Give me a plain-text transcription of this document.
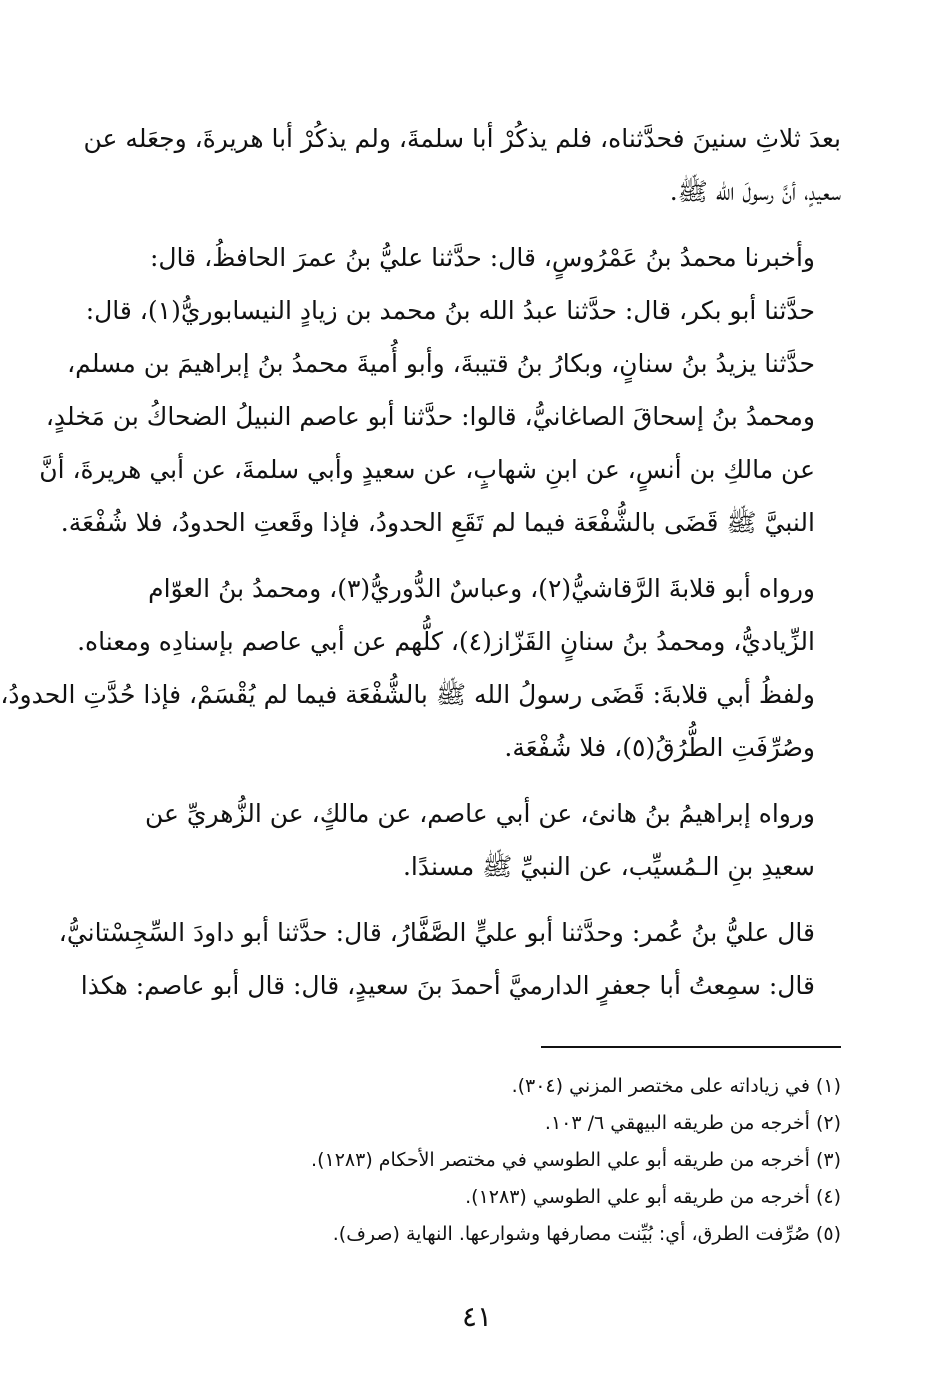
بعدَ ثلاثِ سنينَ فحدَّثناه، فلم يذكُرْ أبا سلمةَ، ولم يذكُرْ أبا هريرةَ، وجعَله عن
سعيدٍ، أنَّ رسولَ الله ﷺ.

وأخبرنا محمدُ بنُ عَمْرُوسٍ، قال: حدَّثنا عليُّ بنُ عمرَ الحافظُ، قال:
حدَّثنا أبو بكر، قال: حدَّثنا عبدُ الله بنُ محمد بن زيادٍ النيسابوريُّ(١)، قال:
حدَّثنا يزيدُ بنُ سنانٍ، وبكارُ بنُ قتيبةَ، وأبو أُميةَ محمدُ بنُ إبراهيمَ بن مسلم،
ومحمدُ بنُ إسحاقَ الصاغانيُّ، قالوا: حدَّثنا أبو عاصم النبيلُ الضحاكُ بن مَخلدٍ،
عن مالكِ بن أنسٍ، عن ابنِ شهابٍ، عن سعيدٍ وأبي سلمةَ، عن أبي هريرةَ، أنَّ
النبيَّ ﷺ قَضَى بالشُّفْعَة فيما لم تَقَعِ الحدودُ، فإذا وقَعتِ الحدودُ، فلا شُفْعَة.

ورواه أبو قلابةَ الرَّقاشيُّ(٢)، وعباسٌ الدُّوريُّ(٣)، ومحمدُ بنُ العوّام
الزِّياديُّ، ومحمدُ بنُ سنانٍ القَزّاز(٤)، كلُّهم عن أبي عاصم بإسنادِه ومعناه.
ولفظُ أبي قلابةَ: قَضَى رسولُ الله ﷺ بالشُّفْعَة فيما لم يُقْسَمْ، فإذا حُدَّتِ الحدودُ،
وصُرِّفَتِ الطُّرُقُ(٥)، فلا شُفْعَة.

ورواه إبراهيمُ بنُ هانئ، عن أبي عاصم، عن مالكٍ، عن الزُّهريِّ عن
سعيدِ بنِ الـمُسيِّب، عن النبيِّ ﷺ مسندًا.

قال عليُّ بنُ عُمر: وحدَّثنا أبو عليٍّ الصَّفَّارُ، قال: حدَّثنا أبو داودَ السِّجِسْتانيُّ،
قال: سمِعتُ أبا جعفرٍ الدارميَّ أحمدَ بنَ سعيدٍ، قال: قال أبو عاصم: هكذا

(١) في زياداته على مختصر المزني (٣٠٤).
(٢) أخرجه من طريقه البيهقي ٦/ ١٠٣.
(٣) أخرجه من طريقه أبو علي الطوسي في مختصر الأحكام (١٢٨٣).
(٤) أخرجه من طريقه أبو علي الطوسي (١٢٨٣).
(٥) صُرِّفت الطرق، أي: بُيِّنت مصارفها وشوارعها. النهاية (صرف).
٤١
